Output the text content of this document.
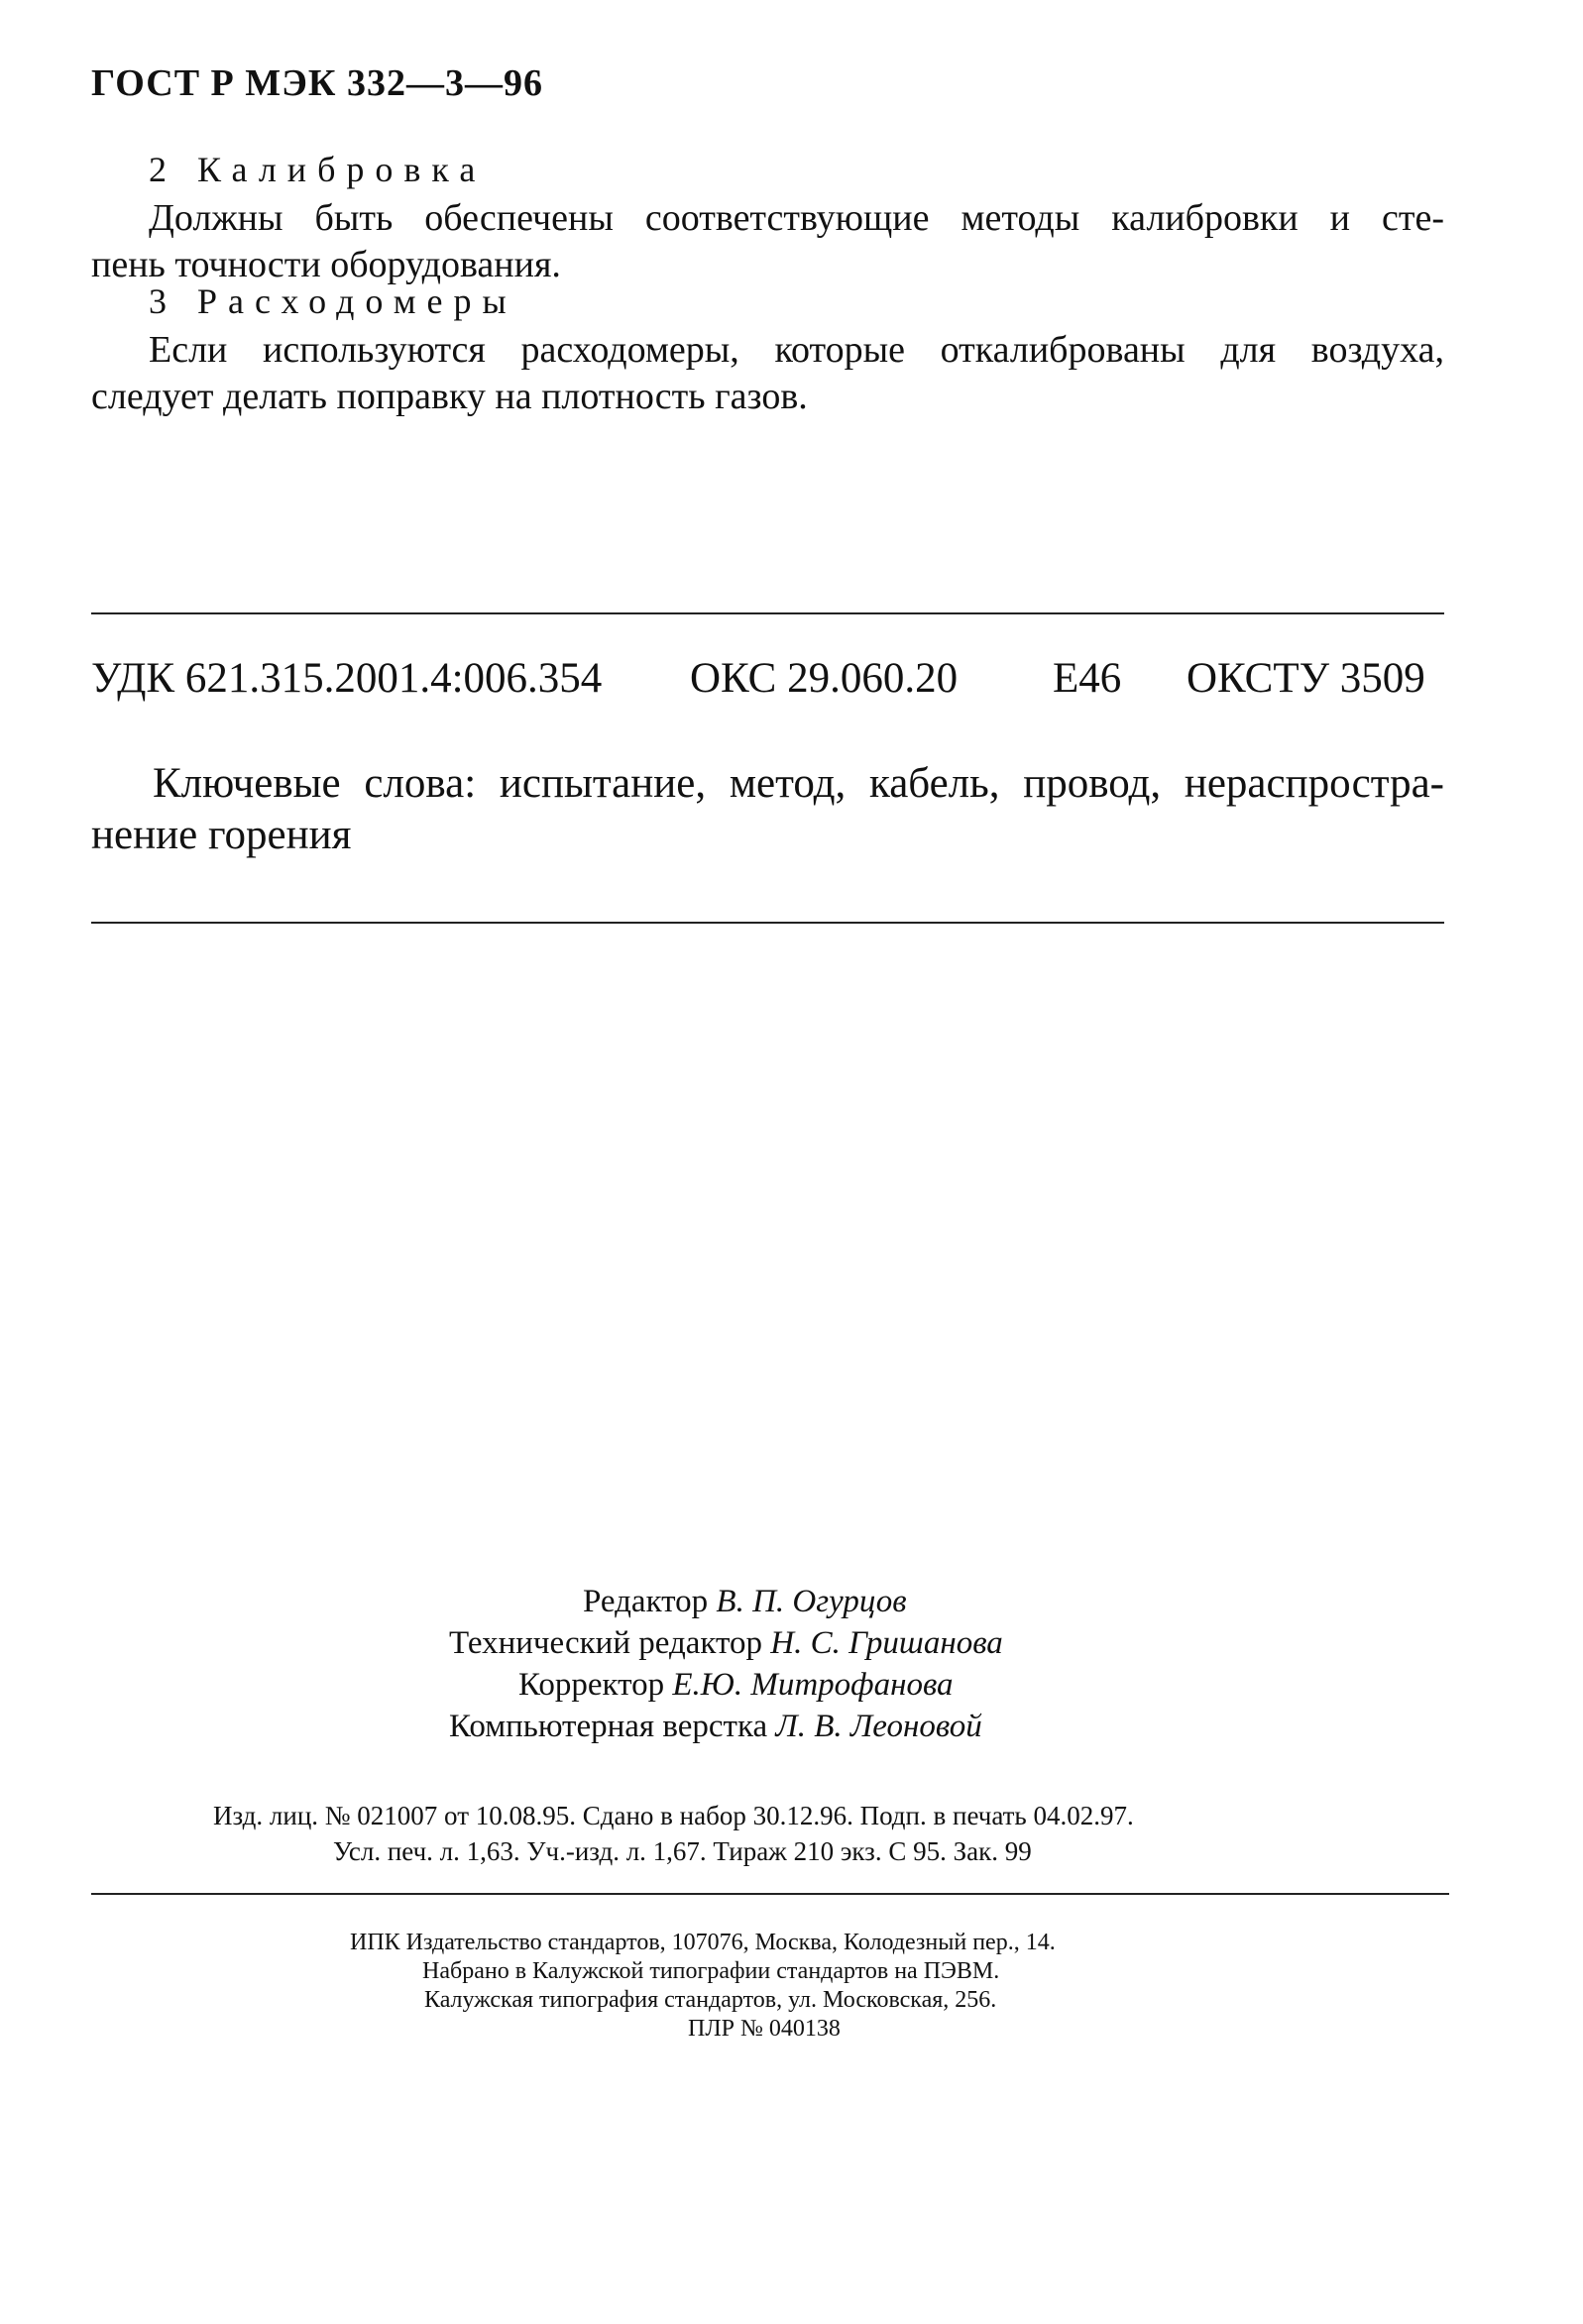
ГОСТ Р МЭК 332—3—96
2 Калибровка
Должны быть обеспечены соответствующие методы калибровки и сте-
пень точности оборудования.
3 Расходомеры
Если используются расходомеры, которые откалиброваны для воздуха,
следует делать поправку на плотность газов.
УДК 621.315.2001.4:006.354 ОКС 29.060.20 Е46 ОКСТУ 3509
Ключевые слова: испытание, метод, кабель, провод, нераспростра-
нение горения
Редактор В. П. Огурцов
Технический редактор Н. С. Гришанова
Корректор Е.Ю. Митрофанова
Компьютерная верстка Л. В. Леоновой
Изд. лиц. № 021007 от 10.08.95. Сдано в набор 30.12.96. Подп. в печать 04.02.97.
Усл. печ. л. 1,63. Уч.-изд. л. 1,67. Тираж 210 экз. С 95. Зак. 99
ИПК Издательство стандартов, 107076, Москва, Колодезный пер., 14.
Набрано в Калужской типографии стандартов на ПЭВМ.
Калужская типография стандартов, ул. Московская, 256.
ПЛР № 040138
